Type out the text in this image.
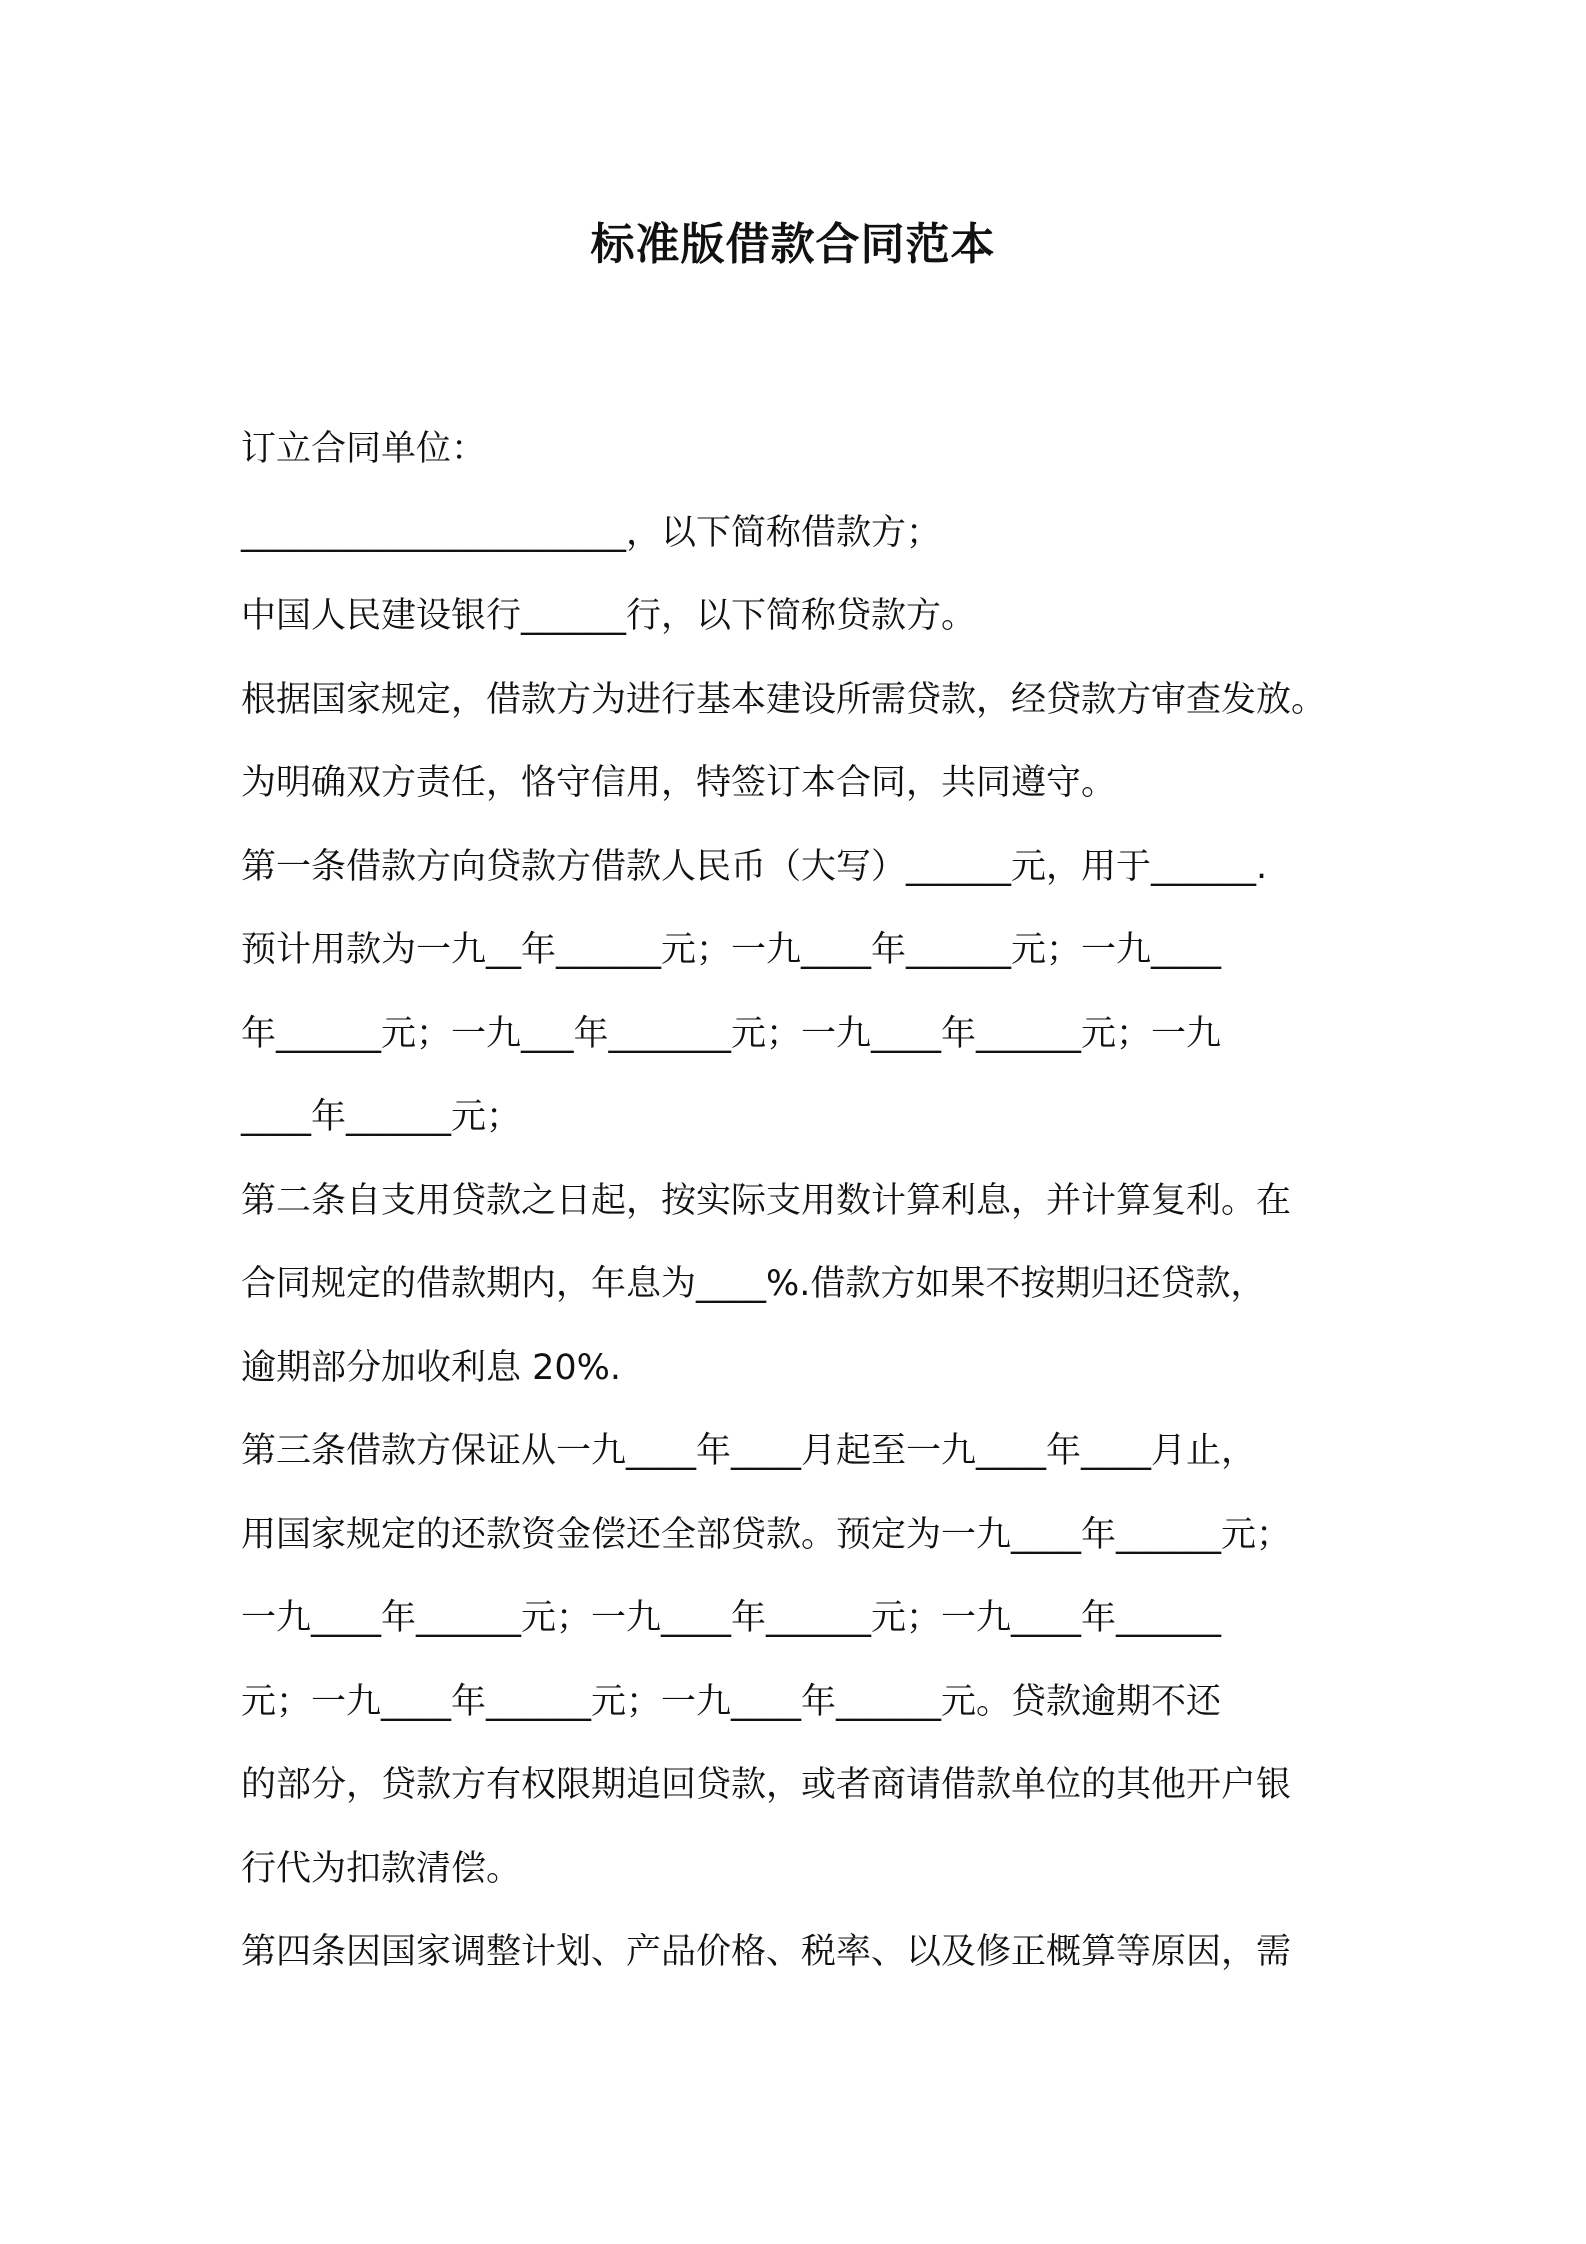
标准版借款合同范本
订立合同单位：
______________________，以下简称借款方；
中国人民建设银行______行，以下简称贷款方。
根据国家规定，借款方为进行基本建设所需贷款，经贷款方审查发放。
为明确双方责任，恪守信用，特签订本合同，共同遵守。
第一条借款方向贷款方借款人民币（大写）______元，用于______.
预计用款为一九__年______元；一九____年______元；一九____
年______元；一九___年_______元；一九____年______元；一九
____年______元；
第二条自支用贷款之日起，按实际支用数计算利息，并计算复利。在
合同规定的借款期内，年息为____%.借款方如果不按期归还贷款，
逾期部分加收利息 20%.
第三条借款方保证从一九____年____月起至一九____年____月止，
用国家规定的还款资金偿还全部贷款。预定为一九____年______元；
一九____年______元；一九____年______元；一九____年______
元；一九____年______元；一九____年______元。贷款逾期不还
的部分，贷款方有权限期追回贷款，或者商请借款单位的其他开户银
行代为扣款清偿。
第四条因国家调整计划、产品价格、税率、以及修正概算等原因，需
